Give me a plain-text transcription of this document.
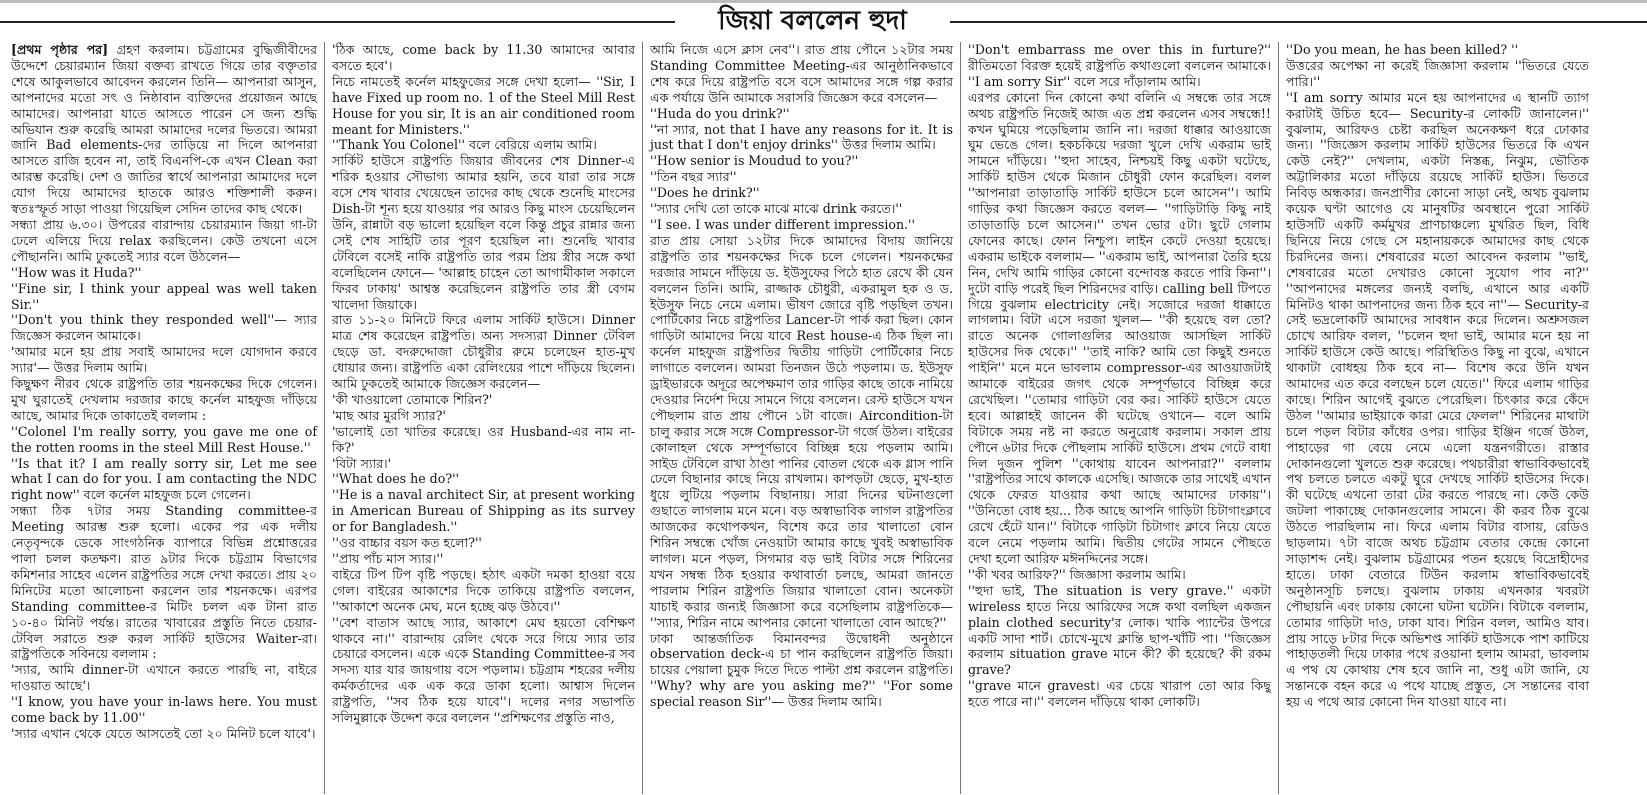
জিয়া বললেন হুদা

[প্রথম পৃষ্ঠার পর] গ্রহণ করলাম। চট্টগ্রামের বুদ্ধিজীবীদের উদ্দেশে চেয়ারম্যান জিয়া বক্তব্য রাখতে গিয়ে তার বক্তৃতার শেষে আকুলভাবে আবেদন করলেন তিনি— আপনারা আসুন, আপনাদের মতো সৎ ও নিষ্ঠাবান ব্যক্তিদের প্রয়োজন আছে আমাদের। আপনারা যাতে আসতে পারেন সে জন্য শুদ্ধি অভিযান শুরু করেছি আমরা আমাদের দলের ভিতরে। আমরা জানি Bad elements-দের তাড়িয়ে না দিলে আপনারা আসতে রাজি হবেন না, তাই বিএনপি-কে এখন Clean করা আরম্ভ করেছি। দেশ ও জাতির স্বার্থে আপনারা আমাদের দলে যোগ দিয়ে আমাদের হাতকে আরও শক্তিশালী করুন। স্বতঃস্ফূর্ত সাড়া পাওয়া গিয়েছিল সেদিন তাদের কাছ থেকে।

সন্ধ্যা প্রায় ৬.৩০। উপরের বারান্দায় চেয়ারম্যান জিয়া গা-টা ঢেলে এলিয়ে দিয়ে relax করছিলেন। কেউ তখনো এসে পৌছাননি। আমি ঢুকতেই স্যার বলে উঠলেন—

''How was it Huda?''

''Fine sir, I think your appeal was well taken Sir.''

''Don't you think they responded well''— স্যার জিজ্ঞেস করলেন আমাকে।

'আমার মনে হয় প্রায় সবাই আমাদের দলে যোগদান করবে স্যার'— উত্তর দিলাম আমি।

কিছুক্ষণ নীরব থেকে রাষ্ট্রপতি তার শয়নকক্ষের দিকে গেলেন। মুখ ঘুরাতেই দেখলাম দরজার কাছে কর্নেল মাহফুজ দাঁড়িয়ে আছে, আমার দিকে তাকাতেই বললাম :

''Colonel I'm really sorry, you gave me one of the rotten rooms in the steel Mill Rest House.''

''Is that it? I am really sorry sir, Let me see what I can do for you. I am contacting the NDC right now'' বলে কর্নেল মাহফুজ চলে গেলেন।

সন্ধ্যা ঠিক ৭টার সময় Standing committee-র Meeting আরম্ভ শুরু হলো। একের পর এক দলীয় নেতৃবৃন্দকে ডেকে সাংগঠনিক ব্যাপারে বিভিন্ন প্রশ্নোত্তরের পালা চলল কতক্ষণ। রাত ৯টার দিকে চট্টগ্রাম বিভাগের কমিশনার সাহেব এলেন রাষ্ট্রপতির সঙ্গে দেখা করতে। প্রায় ২০ মিনিটের মতো আলোচনা করলেন তার শয়নকক্ষে। এরপর Standing committee-র মিটিং চলল এক টানা রাত ১০-৪০ মিনিট পর্যন্ত। রাতের খাবারের প্রস্তুতি নিতে চেয়ার-টেবিল সরাতে শুরু করল সার্কিট হাউসের Waiter-রা। রাষ্ট্রপতিকে সবিনয়ে বললাম :

'স্যার, আমি dinner-টা এখানে করতে পারছি না, বাইরে দাওয়াত আছে'।

''I know, you have your in-laws here. You must come back by 11.00''

'স্যার এখান থেকে যেতে আসতেই তো ২০ মিনিট চলে যাবে'।

'ঠিক আছে, come back by 11.30 আমাদের আবার বসতে হবে'।

নিচে নামতেই কর্নেল মাহফুজের সঙ্গে দেখা হলো— ''Sir, I have Fixed up room no. 1 of the Steel Mill Rest House for you sir, It is an air conditioned room meant for Ministers.''

''Thank You Colonel'' বলে বেরিয়ে এলাম আমি।

সার্কিট হাউসে রাষ্ট্রপতি জিয়ার জীবনের শেষ Dinner-এ শরিক হওয়ার সৌভাগ্য আমার হয়নি, তবে যারা তার সঙ্গে বসে শেষ খাবার খেয়েছেন তাদের কাছ থেকে শুনেছি মাংসের Dish-টা শূন্য হয়ে যাওয়ার পর আরও কিছু মাংস চেয়েছিলেন উনি, রান্নাটা বড় ভালো হয়েছিল বলে কিন্তু প্রচুর রান্নার জন্য সেই শেষ সাহিটি তার পূরণ হয়েছিল না। শুনেছি খাবার টেবিলে বসেই নাকি রাষ্ট্রপতি তার পরম প্রিয় স্ত্রীর সঙ্গে কথা বলেছিলেন ফোনে— 'আল্লাহ চাহেন তো আগামীকাল সকালে ফিরব ঢাকায়' আশ্বস্ত করেছিলেন রাষ্ট্রপতি তার স্ত্রী বেগম খালেদা জিয়াকে।

রাত ১১-২০ মিনিটে ফিরে এলাম সার্কিট হাউসে। Dinner মাত্র শেষ করেছেন রাষ্ট্রপতি। অন্য সদস্যরা Dinner টেবিল ছেড়ে ডা. বদরুদ্দোজা চৌধুরীর রুমে চলেছেন হাত-মুখ ধোয়ার জন্য। রাষ্ট্রপতি একা রেলিংয়ের পাশে দাঁড়িয়ে ছিলেন। আমি ঢুকতেই আমাকে জিজ্ঞেস করলেন—

'কী খাওয়ালো তোমাকে শিরিন?'

'মাছ আর মুরগি স্যার?'

'ভালোই তো খাতির করেছে। ওর Husband-এর নাম না-কি?'

'বিটা স্যার।'

''What does he do?''

''He is a naval architect Sir, at present working in American Bureau of Shipping as its survey or for Bangladesh.''

''ওর বাচ্চার বয়স কত হলো?''

''প্রায় পাঁচ মাস স্যার।''

বাইরে টিপ টিপ বৃষ্টি পড়ছে। হঠাৎ একটা দমকা হাওয়া বয়ে গেল। বাইরের আকাশের দিকে তাকিয়ে রাষ্ট্রপতি বললেন, ''আকাশে অনেক মেঘ, মনে হচ্ছে ঝড় উঠবে।''

''বেশ বাতাস আছে স্যার, আকাশে মেঘ হয়তো বেশিক্ষণ থাকবে না।'' বারান্দায় রেলিং থেকে সরে গিয়ে স্যার তার চেয়ারে বসলেন। একে একে Standing Committee-র সব সদস্য যার যার জায়গায় বসে পড়লাম। চট্টগ্রাম শহরের দলীয় কর্মকর্তাদের এক এক করে ডাকা হলো। আশ্বাস দিলেন রাষ্ট্রপতি, ''সব ঠিক হয়ে যাবে''। দলের নগর সভাপতি সলিমুল্লাকে উদ্দেশ করে বললেন ''প্রশিক্ষণের প্রস্তুতি নাও,

আমি নিজে এসে ক্লাস নেব''। রাত প্রায় পৌনে ১২টার সময় Standing Committee Meeting-এর আনুষ্ঠানিকভাবে শেষ করে দিয়ে রাষ্ট্রপতি বসে বসে আমাদের সঙ্গে গল্প করার এক পর্যায়ে উনি আমাকে সরাসরি জিজ্ঞেস করে বসলেন—

''Huda do you drink?''

''না স্যার, not that I have any reasons for it. It is just that I don't enjoy drinks'' উত্তর দিলাম আমি।

''How senior is Moudud to you?''

''তিন বছর স্যার''

''Does he drink?''

''স্যার দেখি তো তাকে মাঝে মাঝে drink করতে।''

''I see. I was under different impression.''

রাত প্রায় সোয়া ১২টার দিকে আমাদের বিদায় জানিয়ে রাষ্ট্রপতি তার শয়নকক্ষের দিকে চলে গেলেন। শয়নকক্ষের দরজার সামনে দাঁড়িয়ে ড. ইউসুফের পিঠে হাত রেখে কী যেন বললেন তিনি। আমি, রাজ্জাক চৌধুরী, একরামুল হক ও ড. ইউসুফ নিচে নেমে এলাম। ভীষণ জোরে বৃষ্টি পড়ছিল তখন। পোর্টিকোর নিচে রাষ্ট্রপতির Lancer-টা পার্ক করা ছিল। কোন গাড়িটা আমাদের নিয়ে যাবে Rest house-এ ঠিক ছিল না। কর্নেল মাহফুজ রাষ্ট্রপতির দ্বিতীয় গাড়িটা পোর্টিকোর নিচে লাগাতে বললেন। আমরা তিনজন উঠে পড়লাম। ড. ইউসুফ ড্রাইভারকে অদূরে অপেক্ষমাণ তার গাড়ির কাছে তাকে নামিয়ে দেওয়ার নির্দেশ দিয়ে সামনে গিয়ে বসলেন। রেস্ট হাউসে যখন পৌছলাম রাত প্রায় পৌনে ১টা বাজে। Aircondition-টা চালু করার সঙ্গে সঙ্গে Compressor-টা গর্জে উঠল। বাইরের কোলাহল থেকে সম্পূর্ণভাবে বিচ্ছিন্ন হয়ে পড়লাম আমি। সাইড টেবিলে রাখা ঠাণ্ডা পানির বোতল থেকে এক গ্লাস পানি ঢেলে বিছানার কাছে নিয়ে রাখলাম। কাপড়টা ছেড়ে, মুখ-হাত ধুয়ে লুটিয়ে পড়লাম বিছানায়। সারা দিনের ঘটনাগুলো গুছাতে লাগলাম মনে মনে। বড় অস্বাভাবিক লাগল রাষ্ট্রপতির আজকের কথোপকথন, বিশেষ করে তার খালাতো বোন শিরিন সম্বন্ধে খোঁজ নেওয়াটা আমার কাছে খুবই অস্বাভাবিক লাগল। মনে পড়ল, সিগমার বড় ভাই বিটার সঙ্গে শিরিনের যখন সম্বন্ধ ঠিক হওয়ার কথাবার্তা চলছে, আমরা জানতে পারলাম শিরিন রাষ্ট্রপতি জিয়ার খালাতো বোন। অনেকটা যাচাই করার জন্যই জিজ্ঞাসা করে বসেছিলাম রাষ্ট্রপতিকে— ''স্যার, শিরিন নামে আপনার কোনো খালাতো বোন আছে?''

ঢাকা আন্তর্জাতিক বিমানবন্দর উদ্বোধনী অনুষ্ঠানে observation deck-এ চা পান করছিলেন রাষ্ট্রপতি জিয়া। চায়ের পেয়ালা চুমুক দিতে দিতে পাল্টা প্রশ্ন করলেন রাষ্ট্রপতি। ''Why? why are you asking me?'' ''For some special reason Sir''— উত্তর দিলাম আমি।

''Don't embarrass me over this in furture?'' রীতিমতো বিরক্ত হয়েই রাষ্ট্রপতি কথাগুলো বললেন আমাকে। ''I am sorry Sir'' বলে সরে দাঁড়ালাম আমি।

এরপর কোনো দিন কোনো কথা বলিনি এ সম্বন্ধে তার সঙ্গে অথচ রাষ্ট্রপতি নিজেই আজ এত প্রশ্ন করলেন এসব সম্বন্ধে!! কখন ঘুমিয়ে পড়েছিলাম জানি না। দরজা ধাক্কার আওয়াজে ঘুম ভেঙে গেল। হকচকিয়ে দরজা খুলে দেখি একরাম ভাই সামনে দাঁড়িয়ে। ''হুদা সাহেব, নিশ্চয়ই কিছু একটা ঘটেছে, সার্কিট হাউস থেকে মিজান চৌধুরী ফোন করেছিল। বলল ''আপনারা তাড়াতাড়ি সার্কিট হাউসে চলে আসেন''। আমি গাড়ির কথা জিজ্ঞেস করতে বলল— ''গাড়িটাড়ি কিছু নাই তাড়াতাড়ি চলে আসেন।'' তখন ভোর ৫টা। ছুটে গেলাম ফোনের কাছে। ফোন নিশ্চুপ। লাইন কেটে দেওয়া হয়েছে। একরাম ভাইকে বললাম— ''একরাম ভাই, আপনারা তৈরি হয়ে নিন, দেখি আমি গাড়ির কোনো বন্দোবস্ত করতে পারি কিনা''। দুটো বাড়ি পরেই ছিল শিরিনদের বাড়ি। calling bell টিপতে গিয়ে বুঝলাম electricity নেই। সজোরে দরজা ধাক্কাতে লাগলাম। বিটা এসে দরজা খুলল— ''কী হয়েছে বল তো? রাতে অনেক গোলাগুলির আওয়াজ আসছিল সার্কিট হাউসের দিক থেকে।'' ''তাই নাকি? আমি তো কিছুই শুনতে পাইনি'' মনে মনে ভাবলাম compressor-এর আওয়াজটাই আমাকে বাইরের জগৎ থেকে সম্পূর্ণভাবে বিচ্ছিন্ন করে রেখেছিল। ''তোমার গাড়িটা বের কর। সার্কিট হাউসে যেতে হবে। আল্লাহই জানেন কী ঘটেছে ওখানে— বলে আমি বিটাকে সময় নষ্ট না করতে অনুরোধ করলাম। সকাল প্রায় পৌনে ৬টার দিকে পৌছলাম সার্কিট হাউসে। প্রথম গেটে বাধা দিল দুজন পুলিশ ''কোথায় যাবেন আপনারা?'' বললাম ''রাষ্ট্রপতির সাথে কালকে এসেছি। আজকে তার সাথেই এখান থেকে ফেরত যাওয়ার কথা আছে আমাদের ঢাকায়''। ''উনিতো বোধ হয়... ঠিক আছে আপনি গাড়িটা চিটাগাংক্লাবে রেখে হেঁটে যান।'' বিটাকে গাড়িটা চিটাগাং ক্লাবে নিয়ে যেতে বলে নেমে পড়লাম আমি। দ্বিতীয় গেটের সামনে পৌছতে দেখা হলো আরিফ মঈনদ্দিনের সঙ্গে।

''কী খবর আরিফ?'' জিজ্ঞাসা করলাম আমি।

''হুদা ভাই, The situation is very grave.'' একটা wireless হাতে নিয়ে আরিফের সঙ্গে কথা বলছিল একজন plain clothed security'র লোক। খাকি প্যান্টের উপরে একটি সাদা শার্ট। চোখে-মুখে ক্লান্তি ছাপ-খাঁটি পা। ''জিজ্ঞেস করলাম situation grave মানে কী? কী হয়েছে? কী রকম grave?

''grave মানে gravest। এর চেয়ে খারাপ তো আর কিছু হতে পারে না।'' বললেন দাঁড়িয়ে থাকা লোকটি।

''Do you mean, he has been killed? ''

উত্তরের অপেক্ষা না করেই জিজ্ঞাসা করলাম ''ভিতরে যেতে পারি।''

''I am sorry আমার মনে হয় আপনাদের এ স্থানটি ত্যাগ করাটাই উচিত হবে— Security-র লোকটি জানালেন।'' বুঝলাম, আরিফও চেষ্টা করছিল অনেকক্ষণ ধরে ঢোকার জন্য। ''জিজ্ঞেস করলাম সার্কিট হাউসের ভিতরে কি এখন কেউ নেই?'' দেখলাম, একটা নিস্তব্ধ, নিঝুম, ভৌতিক অট্টালিকার মতো দাঁড়িয়ে রয়েছে সার্কিট হাউস। ভিতরে নিবিড় অন্ধকার। জনপ্রাণীর কোনো সাড়া নেই, অথচ বুঝলাম কয়েক ঘণ্টা আগেও যে মানুষটির অবস্থানে পুরো সার্কিট হাউসটি একটি কর্মমুখর প্রাণচাঞ্চল্যে মুখরিত ছিল, বিধি ছিনিয়ে নিয়ে গেছে সে মহানায়ককে আমাদের কাছ থেকে চিরদিনের জন্য। শেষবারের মতো আবেদন করলাম ''ভাই, শেষবারের মতো দেখারও কোনো সুযোগ পাব না?'' ''আপনাদের মঙ্গলের জন্যই বলছি, এখানে আর একটি মিনিটও থাকা আপনাদের জন্য ঠিক হবে না''— Security-র সেই ভদ্রলোকটি আমাদের সাবধান করে দিলেন। অশ্রুসজল চোখে আরিফ বলল, ''চলেন হুদা ভাই, আমার মনে হয় না সার্কিট হাউসে কেউ আছে। পরিস্থিতিও কিছু না বুঝে, এখানে থাকাটা বোধহয় ঠিক হবে না— বিশেষ করে উনি যখন আমাদের এত করে বলছেন চলে যেতে।'' ফিরে এলাম গাড়ির কাছে। শিরিন আগেই বুঝতে পেরেছিল। চিৎকার করে কেঁদে উঠল ''আমার ভাইয়াকে কারা মেরে ফেলল'' শিরিনের মাথাটা চলে পড়ল বিটার কাঁধের ওপর। গাড়ির ইঞ্জিন গর্জে উঠল, পাহাড়ের গা বেয়ে নেমে এলো যন্ত্রনগরীতে। রাস্তার দোকানগুলো খুলতে শুরু করেছে। পথচারীরা স্বাভাবিকভাবেই পথ চলতে চলতে একটু ঘুরে দেখছে সার্কিট হাউসের দিকে। কী ঘটেছে এখনো তারা টের করতে পারছে না। কেউ কেউ জটলা পাকাচ্ছে দোকানগুলোর সামনে। কী করব ঠিক বুঝে উঠতে পারছিলাম না। ফিরে এলাম বিটার বাসায়, রেডিও ছাড়লাম। ৭টা বাজে অথচ চট্টগ্রাম বেতার কেন্দ্রে কোনো সাড়াশব্দ নেই। বুঝলাম চট্টগ্রামের পতন হয়েছে বিদ্রোহীদের হাতে। ঢাকা বেতারে টিউন করলাম স্বাভাবিকভাবেই অনুষ্ঠানসূচি চলছে। বুঝলাম ঢাকায় এখনকার খবরটা পৌছায়নি এবং ঢাকায় কোনো ঘটনা ঘটেনি। বিটাকে বললাম, তোমার গাড়িটা দাও, ঢাকা যাব। শিরিন বলল, আমিও যাব। প্রায় সাড়ে ৮টার দিকে অভিশপ্ত সার্কিট হাউসকে পাশ কাটিয়ে পাহাড়তলী দিয়ে ঢাকার পথে রওয়ানা হলাম আমরা, ভাবলাম এ পথ যে কোথায় শেষ হবে জানি না, শুধু এটা জানি, যে সন্তানকে বহন করে এ পথে যাচ্ছে প্রস্তুত, সে সন্তানের বাবা হয় এ পথে আর কোনো দিন যাওয়া যাবে না।
